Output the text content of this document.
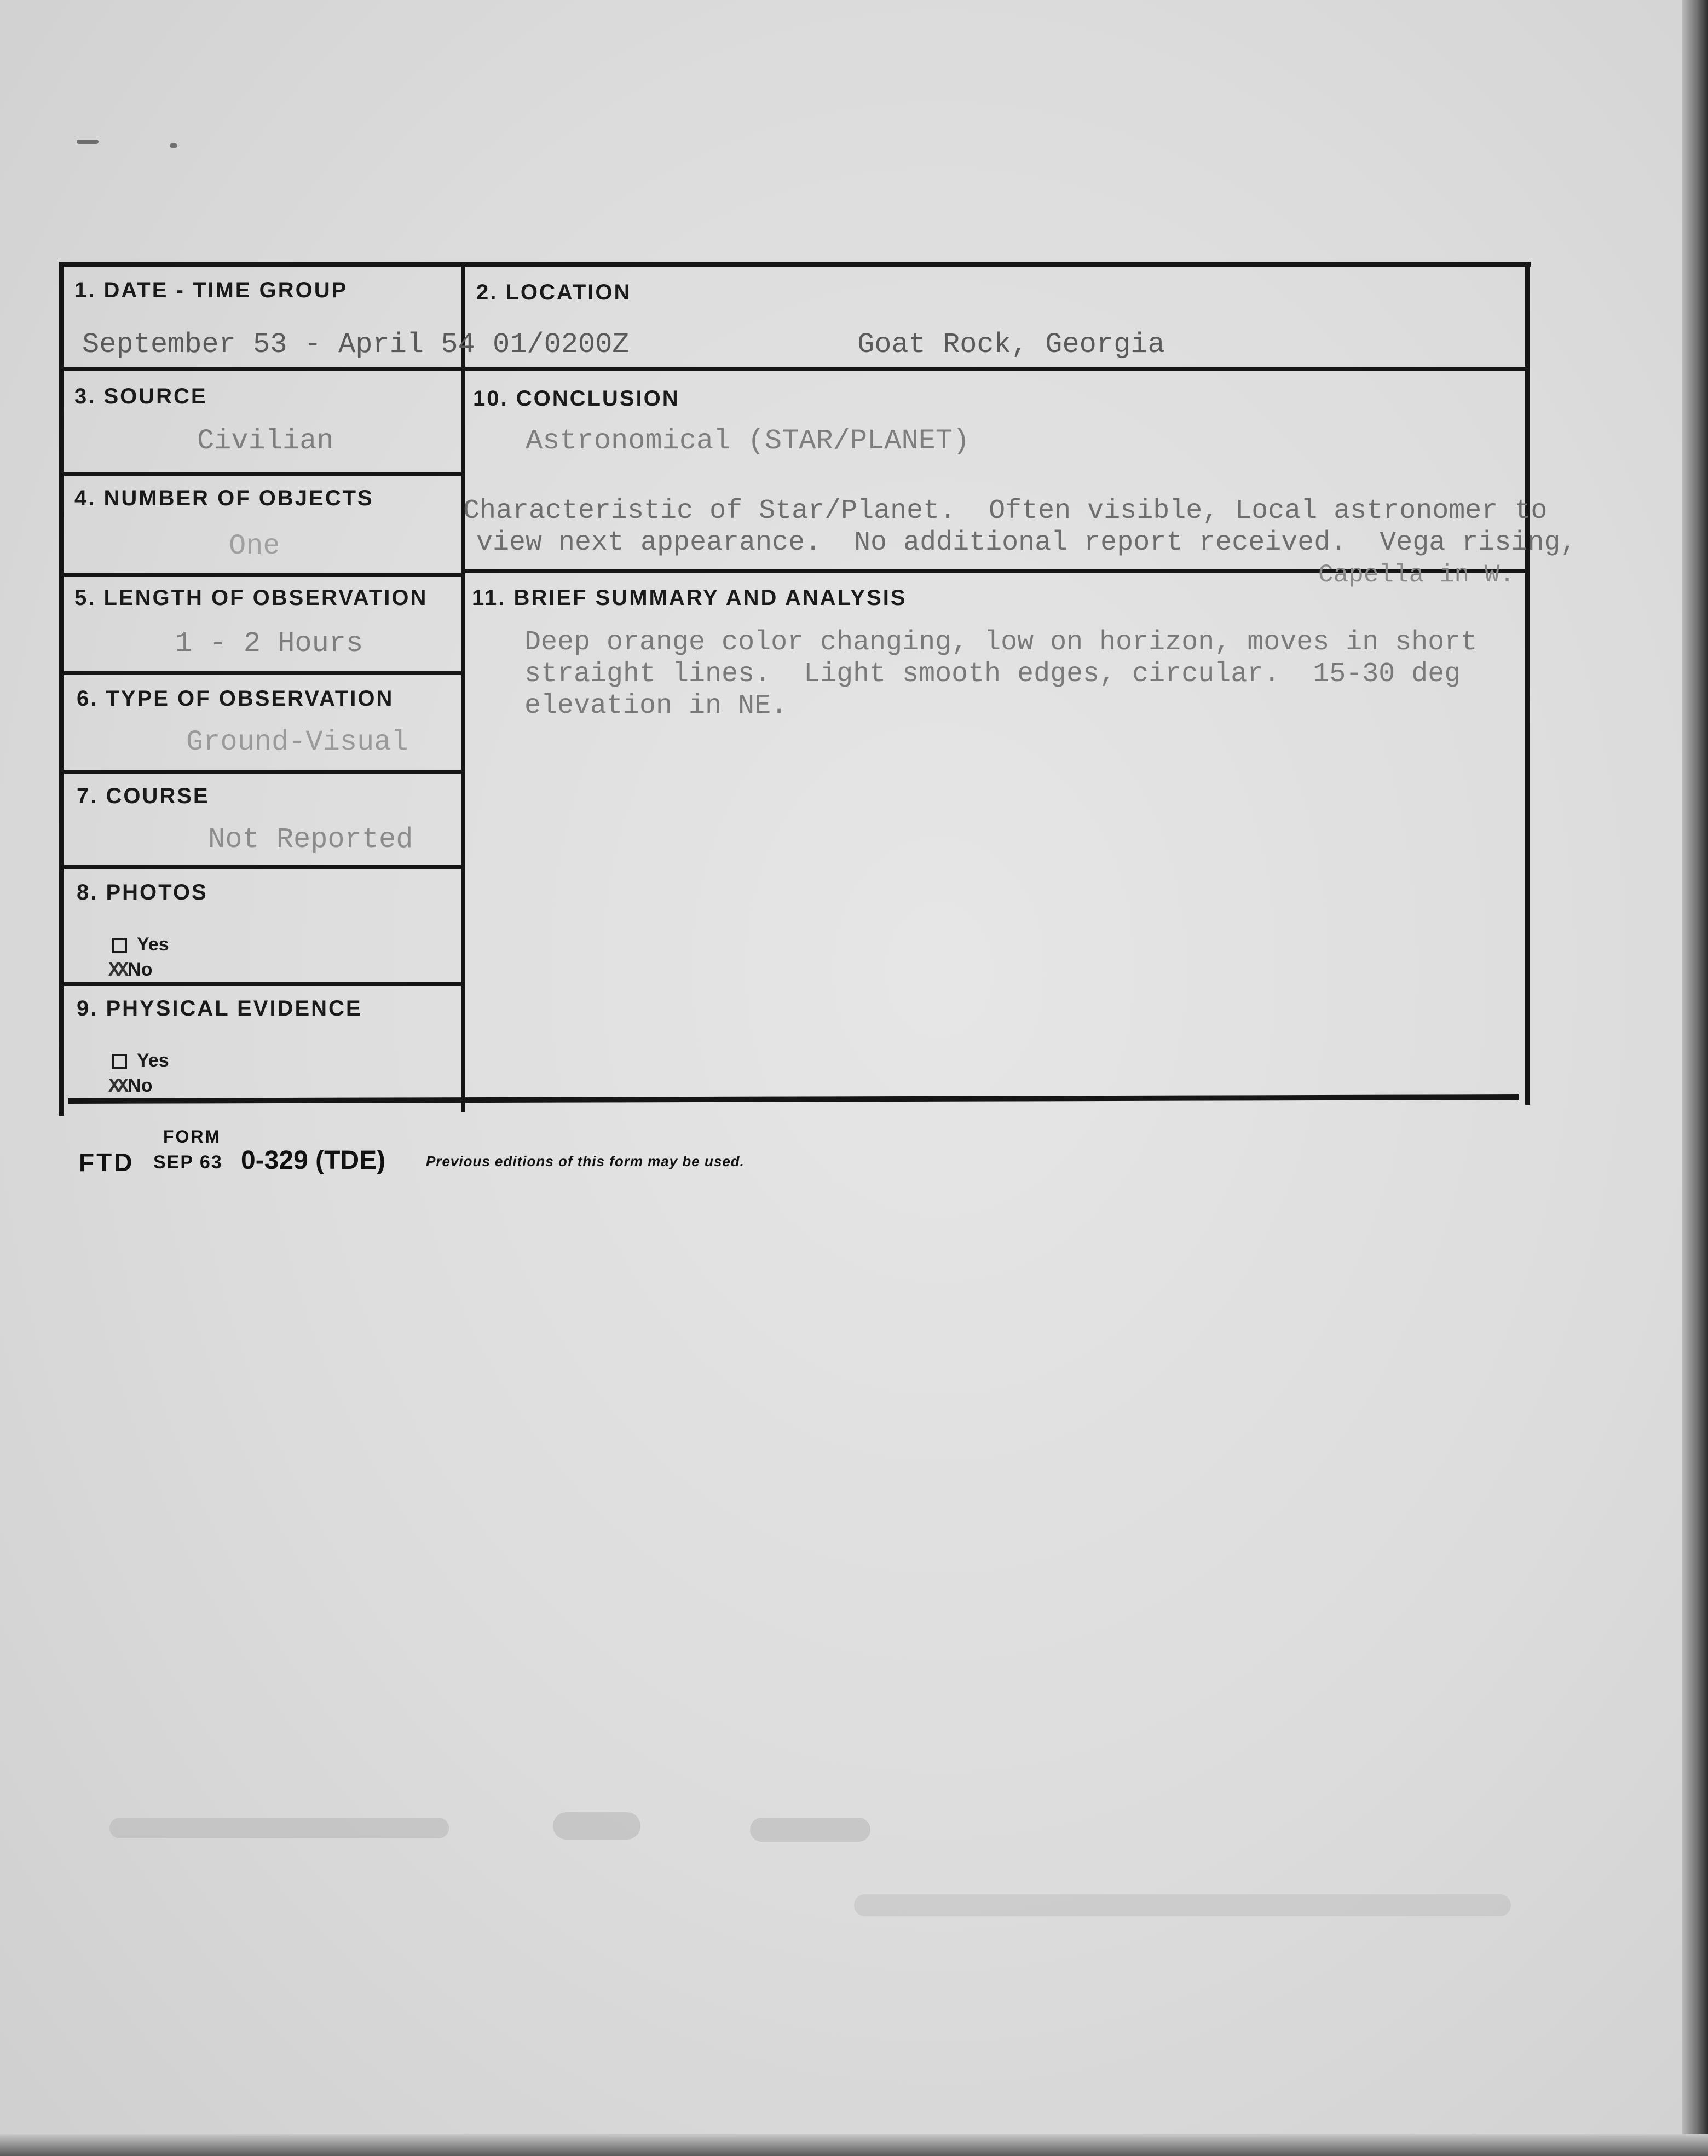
1. DATE - TIME GROUP
September 53 - April 54
2. LOCATION
01/0200Z	Goat Rock, Georgia
3. SOURCE
Civilian
10. CONCLUSION
Astronomical (STAR/PLANET)
Characteristic of Star/Planet.  Often visible, Local astronomer to
view next appearance.  No additional report received.  Vega rising,
Capella in W.
4. NUMBER OF OBJECTS
One
5. LENGTH OF OBSERVATION
1 - 2 Hours
11. BRIEF SUMMARY AND ANALYSIS
Deep orange color changing, low on horizon, moves in short
straight lines.  Light smooth edges, circular.  15-30 deg
elevation in NE.
6. TYPE OF OBSERVATION
Ground-Visual
7. COURSE
Not Reported
8. PHOTOS
Yes
XX No
9. PHYSICAL EVIDENCE
Yes
XX No
FORM
FTD SEP 63 0-329 (TDE)	Previous editions of this form may be used.
